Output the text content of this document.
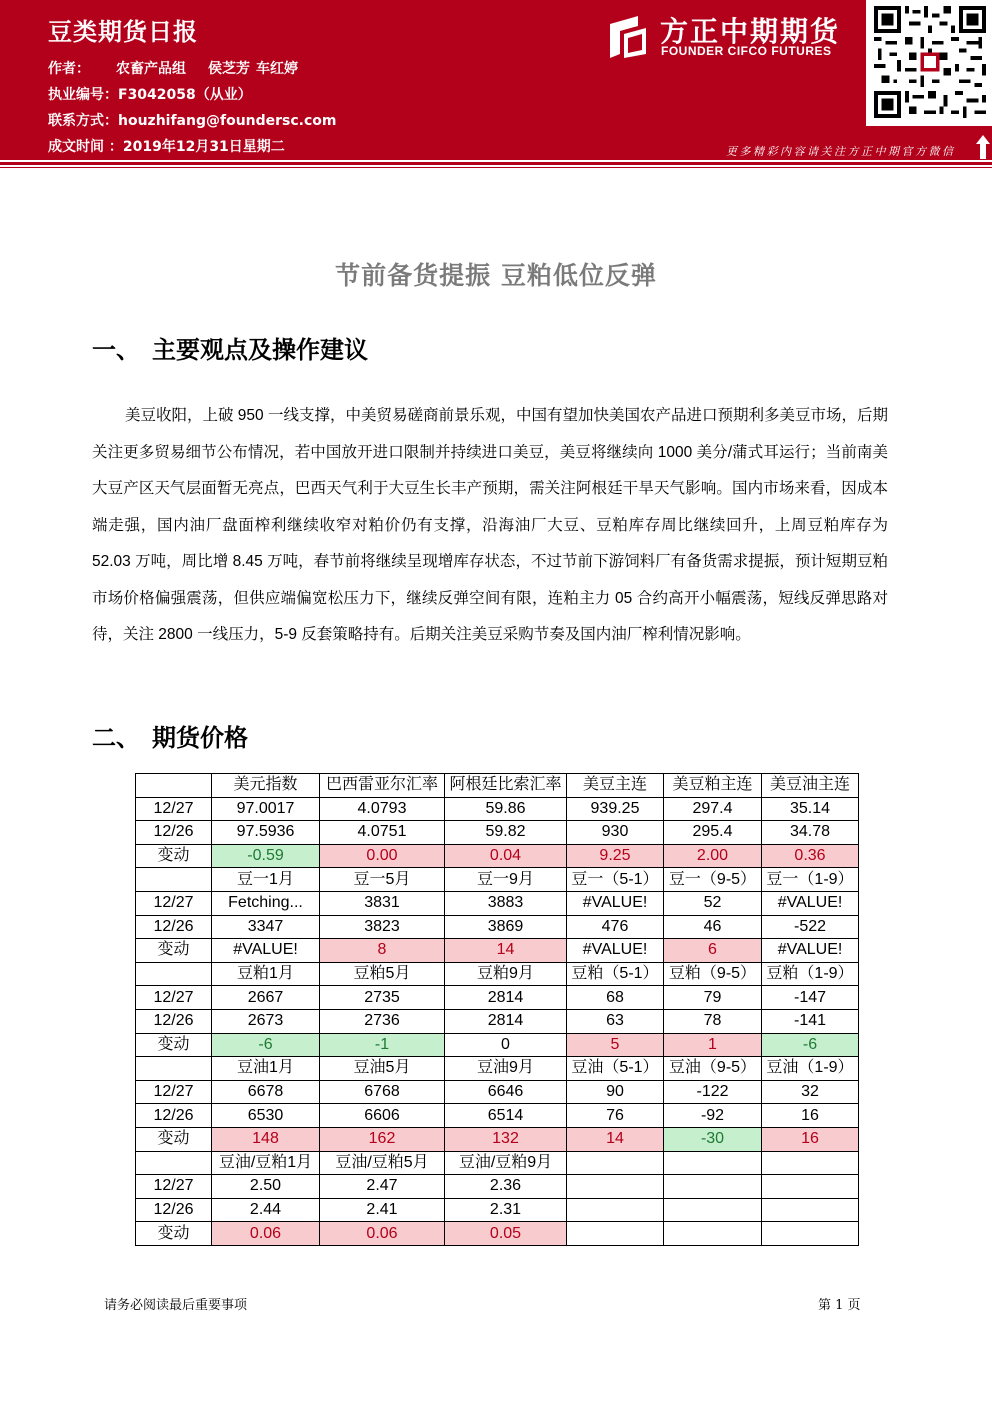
豆类期货日报
作者： 农畜产品组 侯芝芳 车红婷
执业编号：F3042058（从业）
联系方式：houzhifang@foundersc.com
成文时间 ：2019年12月31日星期二
方正中期期货
FOUNDER CIFCO FUTURES
更多精彩内容请关注方正中期官方微信
节前备货提振 豆粕低位反弹
一、 主要观点及操作建议

美豆收阳，上破 950 一线支撑，中美贸易磋商前景乐观，中国有望加快美国农产品进口预期利多美豆市场，后期关注更多贸易细节公布情况，若中国放开进口限制并持续进口美豆，美豆将继续向 1000 美分/蒲式耳运行；当前南美大豆产区天气层面暂无亮点，巴西天气利于大豆生长丰产预期，需关注阿根廷干旱天气影响。国内市场来看，因成本端走强，国内油厂盘面榨利继续收窄对粕价仍有支撑，沿海油厂大豆、豆粕库存周比继续回升，上周豆粕库存为 52.03 万吨，周比增 8.45 万吨，春节前将继续呈现增库存状态，不过节前下游饲料厂有备货需求提振，预计短期豆粕市场价格偏强震荡，但供应端偏宽松压力下，继续反弹空间有限，连粕主力 05 合约高开小幅震荡，短线反弹思路对待，关注 2800 一线压力，5-9 反套策略持有。后期关注美豆采购节奏及国内油厂榨利情况影响。

二、 期货价格
	美元指数	巴西雷亚尔汇率	阿根廷比索汇率	美豆主连	美豆粕主连	美豆油主连
12/27	97.0017	4.0793	59.86	939.25	297.4	35.14
12/26	97.5936	4.0751	59.82	930	295.4	34.78
变动	-0.59	0.00	0.04	9.25	2.00	0.36
	豆一1月	豆一5月	豆一9月	豆一（5-1）	豆一（9-5）	豆一（1-9）
12/27	Fetching...	3831	3883	#VALUE!	52	#VALUE!
12/26	3347	3823	3869	476	46	-522
变动	#VALUE!	8	14	#VALUE!	6	#VALUE!
	豆粕1月	豆粕5月	豆粕9月	豆粕（5-1）	豆粕（9-5）	豆粕（1-9）
12/27	2667	2735	2814	68	79	-147
12/26	2673	2736	2814	63	78	-141
变动	-6	-1	0	5	1	-6
	豆油1月	豆油5月	豆油9月	豆油（5-1）	豆油（9-5）	豆油（1-9）
12/27	6678	6768	6646	90	-122	32
12/26	6530	6606	6514	76	-92	16
变动	148	162	132	14	-30	16
	豆油/豆粕1月	豆油/豆粕5月	豆油/豆粕9月			
12/27	2.50	2.47	2.36			
12/26	2.44	2.41	2.31			
变动	0.06	0.06	0.05			
请务必阅读最后重要事项	第 1 页
